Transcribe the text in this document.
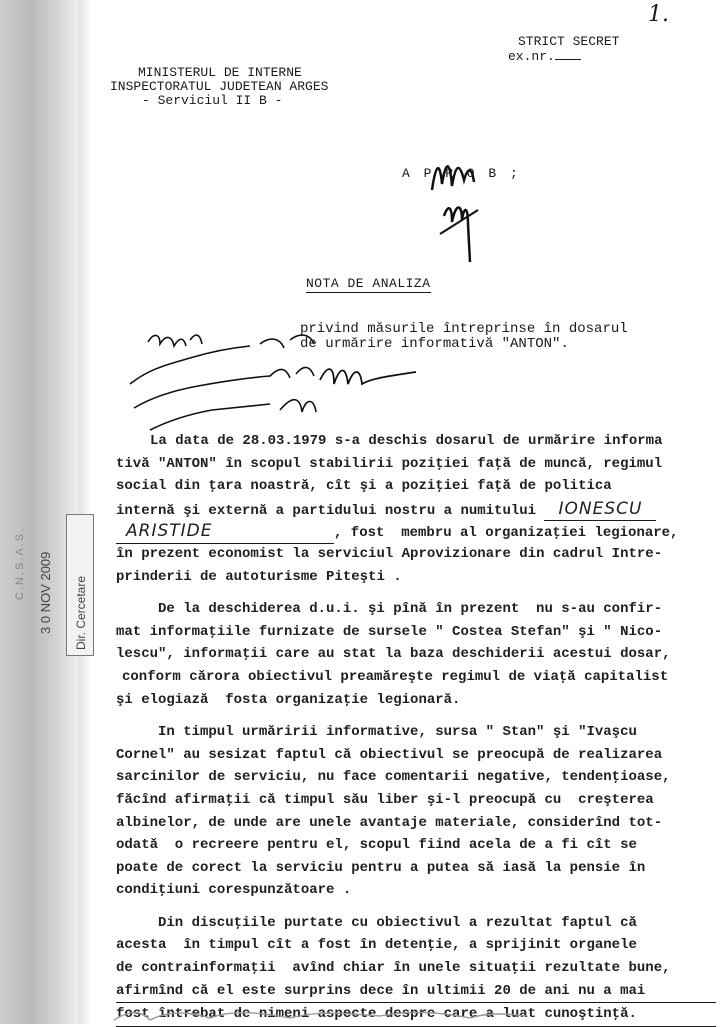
1.
STRICT SECRET
ex.nr.
MINISTERUL DE INTERNE
INSPECTORATUL JUDETEAN ARGES
- Serviciul II B -
A P R O B ;
NOTA DE ANALIZA
privind măsurile întreprinse în dosarul
de urmărire informativă "ANTON".
C.N.S.A.S. 3 0 NOV 2009 Dir. Cercetare
La data de 28.03.1979 s-a deschis dosarul de urmărire informa
tivă "ANTON" în scopul stabilirii poziţiei faţă de muncă, regimul
social din ţara noastră, cît şi a poziţiei faţă de politica
internă şi externă a partidului nostru a numitului IONESCU
ARISTIDE	, fost  membru al organizaţiei legionare,
în prezent economist la serviciul Aprovizionare din cadrul Intre-
prinderii de autoturisme Piteşti .
De la deschiderea d.u.i. şi pînă în prezent  nu s-au confir-
mat informaţiile furnizate de sursele " Costea Stefan" şi " Nico-
lescu", informaţii care au stat la baza deschiderii acestui dosar,
conform cărora obiectivul preamăreşte regimul de viaţă capitalist
şi elogiază  fosta organizaţie legionară.
In timpul urmăririi informative, sursa " Stan" şi "Ivaşcu
Cornel" au sesizat faptul că obiectivul se preocupă de realizarea
sarcinilor de serviciu, nu face comentarii negative, tendenţioase,
făcînd afirmaţii că timpul său liber şi-l preocupă cu  creşterea
albinelor, de unde are unele avantaje materiale, considerînd tot-
odată  o recreere pentru el, scopul fiind acela de a fi cît se
poate de corect la serviciu pentru a putea să iasă la pensie în
condiţiuni corespunzătoare .
Din discuţiile purtate cu obiectivul a rezultat faptul că
acesta  în timpul cît a fost în detenţie, a sprijinit organele
de contrainformaţii  avînd chiar în unele situaţii rezultate bune,
afirmînd că el este surprins dece în ultimii 20 de ani nu a mai
fost întrebat de nimeni aspecte despre care a luat cunoştinţă.
